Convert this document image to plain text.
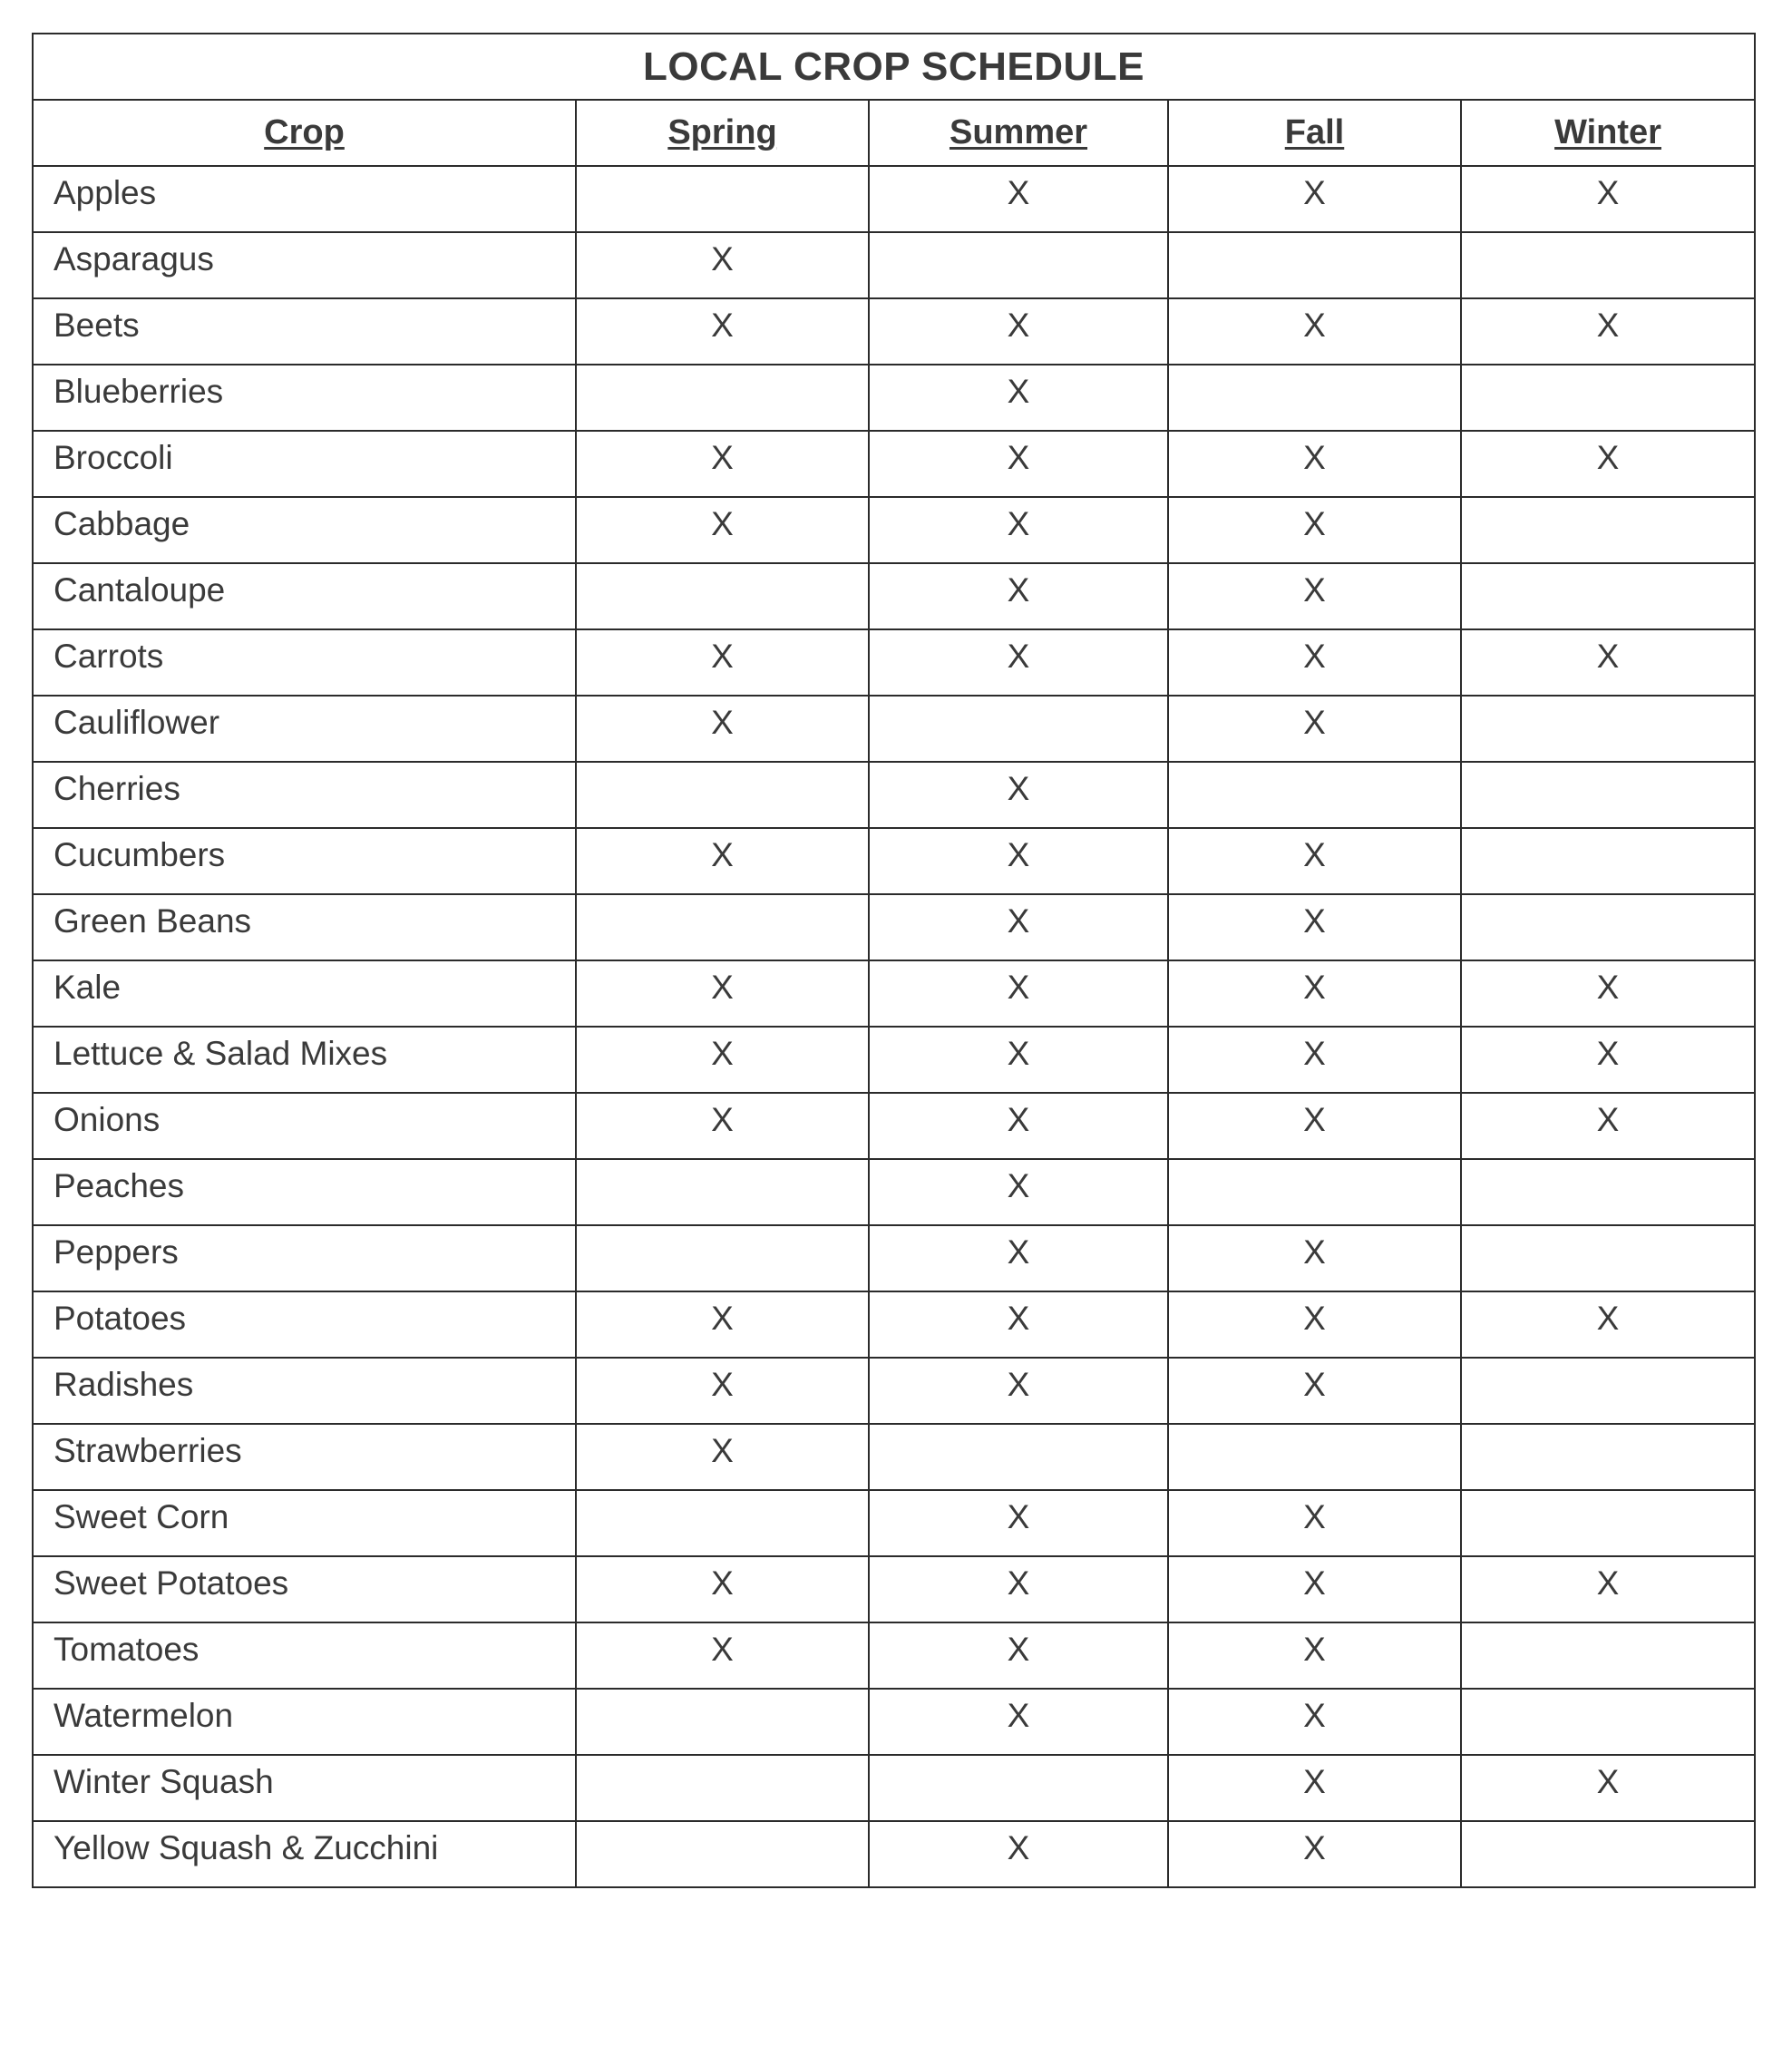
LOCAL CROP SCHEDULE				
Crop	Spring	Summer	Fall	Winter
Apples		X	X	X
Asparagus	X			
Beets	X	X	X	X
Blueberries		X		
Broccoli	X	X	X	X
Cabbage	X	X	X	
Cantaloupe		X	X	
Carrots	X	X	X	X
Cauliflower	X		X	
Cherries		X		
Cucumbers	X	X	X	
Green Beans		X	X	
Kale	X	X	X	X
Lettuce & Salad Mixes	X	X	X	X
Onions	X	X	X	X
Peaches		X		
Peppers		X	X	
Potatoes	X	X	X	X
Radishes	X	X	X	
Strawberries	X			
Sweet Corn		X	X	
Sweet Potatoes	X	X	X	X
Tomatoes	X	X	X	
Watermelon		X	X	
Winter Squash			X	X
Yellow Squash & Zucchini		X	X	
